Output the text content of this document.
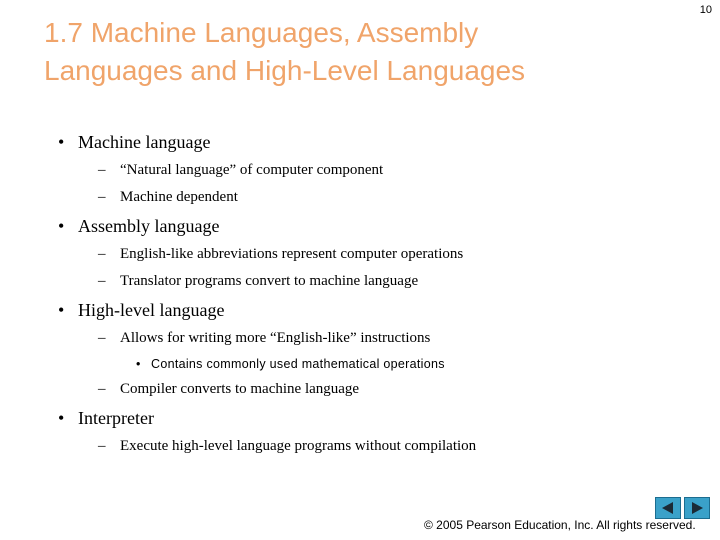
10
1.7 Machine Languages, Assembly
Languages and High-Level Languages
• Machine language
– “Natural language” of computer component
– Machine dependent
• Assembly language
– English-like abbreviations represent computer operations
– Translator programs convert to machine language
• High-level language
– Allows for writing more “English-like” instructions
• Contains commonly used mathematical operations
– Compiler converts to machine language
• Interpreter
– Execute high-level language programs without compilation
© 2005 Pearson Education, Inc. All rights reserved.
